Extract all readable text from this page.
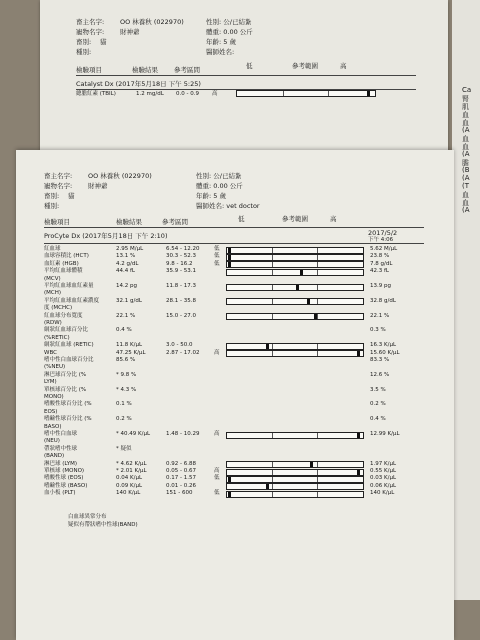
畜主名字: OO 林養秋 (022970)
寵物名字: 財神爺
畜別: 貓
種別:
性別: 公/已結紮
體重: 0.00 公斤
年齡: 5 歲
醫師姓名:
檢驗項目	檢驗結果 參考區間	低	參考範圍	高
Catalyst Dx (2017年5月18日 下午 5:25)
總膽紅素 (TBIL)	1.2 mg/dL 0.0 - 0.9 高	Ca
腎
肌
血
血
(A
血
血
(A
膽
(B
(A
(T
血
血
(A
畜主名字: OO 林養秋 (022970)
寵物名字: 財神爺
畜別: 貓
種別:
性別: 公/已結紮
體重: 0.00 公斤
年齡: 5 歲
醫師姓名: vet doctor
檢驗項目	檢驗結果	參考區間	低	參考範圍	高
2017/5/2
下午 4:06
ProCyte Dx (2017年5月18日 下午 2:10)
紅血球	2.95 M/µL	6.54 - 12.20	低	5.62 M/µL
血球容積比 (HCT)	13.1 %	30.3 - 52.3	低	23.8 %
血紅素 (HGB)	4.2 g/dL	9.8 - 16.2	低	7.8 g/dL
平均紅血球體積	44.4 fL	35.9 - 53.1	42.3 fL
(MCV)
平均紅血球血紅素量	14.2 pg	11.8 - 17.3	13.9 pg
(MCH)
平均紅血球血紅素濃度	32.1 g/dL	28.1 - 35.8	32.8 g/dL
度 (MCHC)
紅血球分布寬度	22.1 %	15.0 - 27.0	22.1 %
(RDW)
網狀紅血球百分比	0.4 %	0.3 %
(%RETIC)
網狀紅血球 (RETIC)	11.8 K/µL	3.0 - 50.0	16.3 K/µL
WBC	47.25 K/µL	2.87 - 17.02	高	15.60 K/µL
嗜中性白血球百分比	85.6 %	83.3 %
(%NEU)
淋巴球百分比 (%	* 9.8 %	12.6 %
LYM)
單核球百分比 (%	* 4.3 %	3.5 %
MONO)
嗜酸性球百分比 (%	0.1 %	0.2 %
EOS)
嗜鹼性球百分比 (%	0.2 %	0.4 %
BASO)
嗜中性白血球	* 40.49 K/µL	1.48 - 10.29	高	12.99 K/µL
(NEU)
帶狀嗜中性球	* 疑似
(BAND)
淋巴球 (LYM)	* 4.62 K/µL	0.92 - 6.88	1.97 K/µL
單核球 (MONO)	* 2.01 K/µL	0.05 - 0.67	高	0.55 K/µL
嗜酸性球 (EOS)	0.04 K/µL	0.17 - 1.57	低	0.03 K/µL
嗜鹼性球 (BASO)	0.09 K/µL	0.01 - 0.26	0.06 K/µL
血小板 (PLT)	140 K/µL	151 - 600	低	140 K/µL
白血球異常分布
疑似有帶狀嗜中性球(BAND)
